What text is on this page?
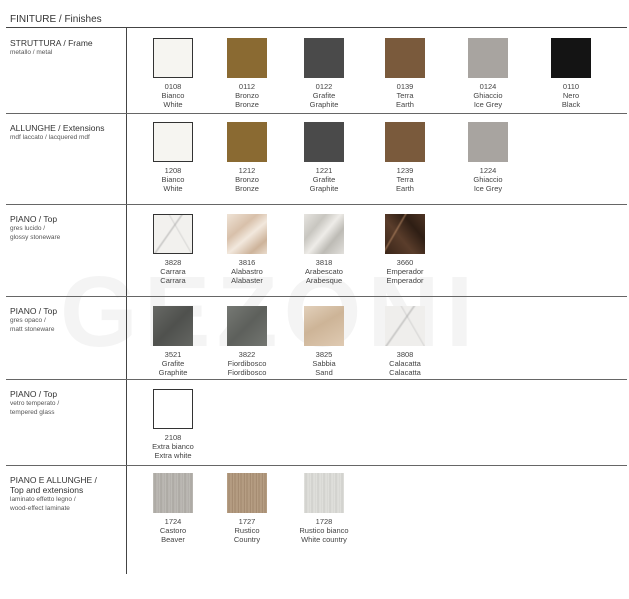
FINITURE / Finishes
STRUTTURA / Frame
metallo / metal
0108
Bianco
White
0112
Bronzo
Bronze
0122
Grafite
Graphite
0139
Terra
Earth
0124
Ghiaccio
Ice Grey
0110
Nero
Black
ALLUNGHE / Extensions
mdf laccato / lacquered mdf
1208
Bianco
White
1212
Bronzo
Bronze
1221
Grafite
Graphite
1239
Terra
Earth
1224
Ghiaccio
Ice Grey
PIANO / Top
gres lucido /
glossy stoneware
3828
Carrara
Carrara
3816
Alabastro
Alabaster
3818
Arabescato
Arabesque
3660
Emperador
Emperador
PIANO / Top
gres opaco /
matt stoneware
3521
Grafite
Graphite
3822
Fiordibosco
Fiordibosco
3825
Sabbia
Sand
3808
Calacatta
Calacatta
PIANO / Top
vetro temperato /
tempered glass
2108
Extra bianco
Extra white
PIANO E ALLUNGHE /
Top and extensions
laminato effetto legno /
wood-effect laminate
1724
Castoro
Beaver
1727
Rustico
Country
1728
Rustico bianco
White country
